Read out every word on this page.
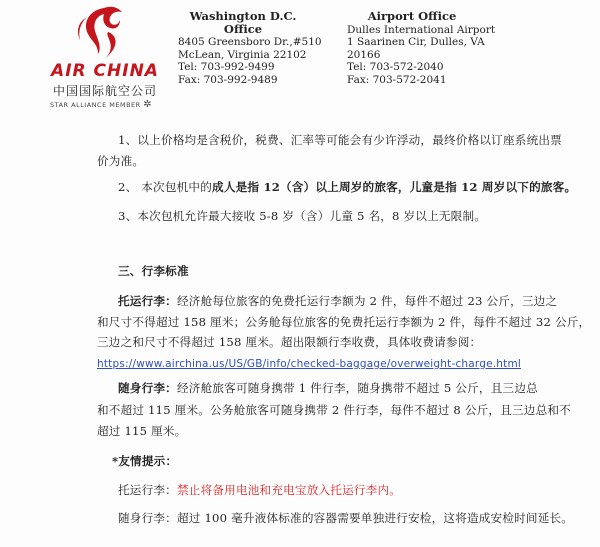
AIR CHINA
中国国际航空公司
STAR ALLIANCE MEMBER ✲
Washington D.C. Office
8405 Greensboro Dr.,#510
McLean, Virginia 22102
Tel: 703-992-9499
Fax: 703-992-9489
Airport Office
Dulles International Airport
1 Saarinen Cir, Dulles, VA 20166
Tel: 703-572-2040
Fax: 703-572-2041
1、以上价格均是含税价，税费、汇率等可能会有少许浮动，最终价格以订座系统出票
价为准。
2、 本次包机中的成人是指 12（含）以上周岁的旅客，儿童是指 12 周岁以下的旅客。
3、本次包机允许最大接收 5-8 岁（含）儿童 5 名，8 岁以上无限制。
三、行李标准
托运行李：经济舱每位旅客的免费托运行李额为 2 件，每件不超过 23 公斤，三边之
和尺寸不得超过 158 厘米；公务舱每位旅客的免费托运行李额为 2 件，每件不超过 32 公斤，
三边之和尺寸不得超过 158 厘米。超出限额行李收费，具体收费请参阅：
https://www.airchina.us/US/GB/info/checked-baggage/overweight-charge.html
随身行李：经济舱旅客可随身携带 1 件行李，随身携带不超过 5 公斤，且三边总
和不超过 115 厘米。公务舱旅客可随身携带 2 件行李，每件不超过 8 公斤，且三边总和不
超过 115 厘米。
*友情提示：
托运行李：禁止将备用电池和充电宝放入托运行李内。
随身行李：超过 100 毫升液体标准的容器需要单独进行安检，这将造成安检时间延长。
